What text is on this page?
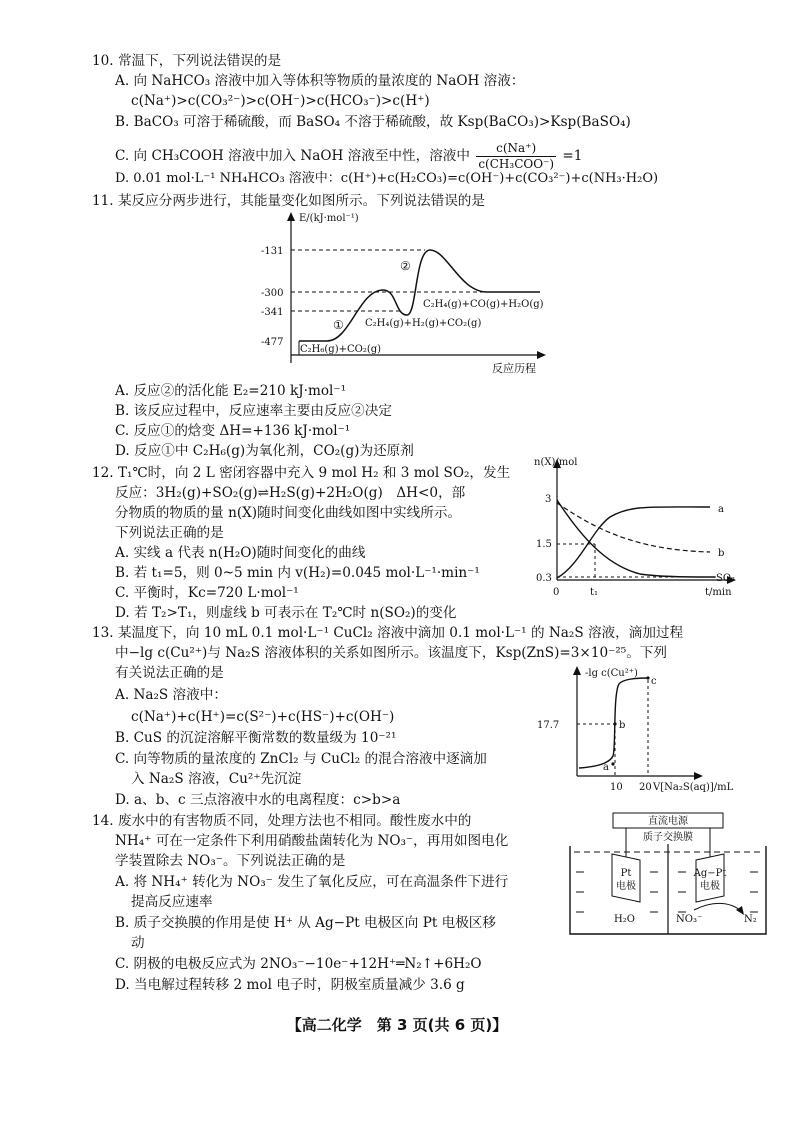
10. 常温下，下列说法错误的是
A. 向 NaHCO₃ 溶液中加入等体积等物质的量浓度的 NaOH 溶液：
c(Na⁺)>c(CO₃²⁻)>c(OH⁻)>c(HCO₃⁻)>c(H⁺)
B. BaCO₃ 可溶于稀硫酸，而 BaSO₄ 不溶于稀硫酸，故 Ksp(BaCO₃)>Ksp(BaSO₄)
C. 向 CH₃COOH 溶液中加入 NaOH 溶液至中性，溶液中	c(Na⁺)
c(CH₃COO⁻) =1
D. 0.01 mol·L⁻¹ NH₄HCO₃ 溶液中：c(H⁺)+c(H₂CO₃)=c(OH⁻)+c(CO₃²⁻)+c(NH₃·H₂O)
11. 某反应分两步进行，其能量变化如图所示。下列说法错误的是
E/(kJ·mol⁻¹)
反应历程
-131
-300
-341
-477
①
②
C₂H₆(g)+CO₂(g)
C₂H₄(g)+H₂(g)+CO₂(g)
C₂H₄(g)+CO(g)+H₂O(g)
A. 反应②的活化能 E₂=210 kJ·mol⁻¹
B. 该反应过程中，反应速率主要由反应②决定
C. 反应①的焓变 ΔH=+136 kJ·mol⁻¹
D. 反应①中 C₂H₆(g)为氧化剂，CO₂(g)为还原剂
12. T₁℃时，向 2 L 密闭容器中充入 9 mol H₂ 和 3 mol SO₂，发生
反应：3H₂(g)+SO₂(g)⇌H₂S(g)+2H₂O(g)　ΔH<0，部
分物质的物质的量 n(X)随时间变化曲线如图中实线所示。
下列说法正确的是
A. 实线 a 代表 n(H₂O)随时间变化的曲线
B. 若 t₁=5，则 0~5 min 内 v(H₂)=0.045 mol·L⁻¹·min⁻¹
C. 平衡时，Kc=720 L·mol⁻¹
D. 若 T₂>T₁，则虚线 b 可表示在 T₂℃时 n(SO₂)的变化
n(X)/mol
t/min
3
1.5
0.3
0	t₁
a
b
SO₂
13. 某温度下，向 10 mL 0.1 mol·L⁻¹ CuCl₂ 溶液中滴加 0.1 mol·L⁻¹ 的 Na₂S 溶液，滴加过程
中−lg c(Cu²⁺)与 Na₂S 溶液体积的关系如图所示。该温度下，Ksp(ZnS)=3×10⁻²⁵。下列
有关说法正确的是
A. Na₂S 溶液中：
c(Na⁺)+c(H⁺)=c(S²⁻)+c(HS⁻)+c(OH⁻)
B. CuS 的沉淀溶解平衡常数的数量级为 10⁻²¹
C. 向等物质的量浓度的 ZnCl₂ 与 CuCl₂ 的混合溶液中逐滴加
入 Na₂S 溶液，Cu²⁺先沉淀
D. a、b、c 三点溶液中水的电离程度：c>b>a
-lg c(Cu²⁺)
17.7
10 20 V[Na₂S(aq)]/mL
a
b
c
14. 废水中的有害物质不同，处理方法也不相同。酸性废水中的
NH₄⁺ 可在一定条件下利用硝酸盐菌转化为 NO₃⁻，再用如图电化
学装置除去 NO₃⁻。下列说法正确的是
A. 将 NH₄⁺ 转化为 NO₃⁻ 发生了氧化反应，可在高温条件下进行
提高反应速率
B. 质子交换膜的作用是使 H⁺ 从 Ag−Pt 电极区向 Pt 电极区移
动
C. 阴极的电极反应式为 2NO₃⁻−10e⁻+12H⁺═N₂↑+6H₂O
D. 当电解过程转移 2 mol 电子时，阴极室质量减少 3.6 g
直流电源
质子交换膜
Pt
电极
Ag−Pt
电极
H₂O	NO₃⁻	N₂
【高二化学　第 3 页(共 6 页)】
